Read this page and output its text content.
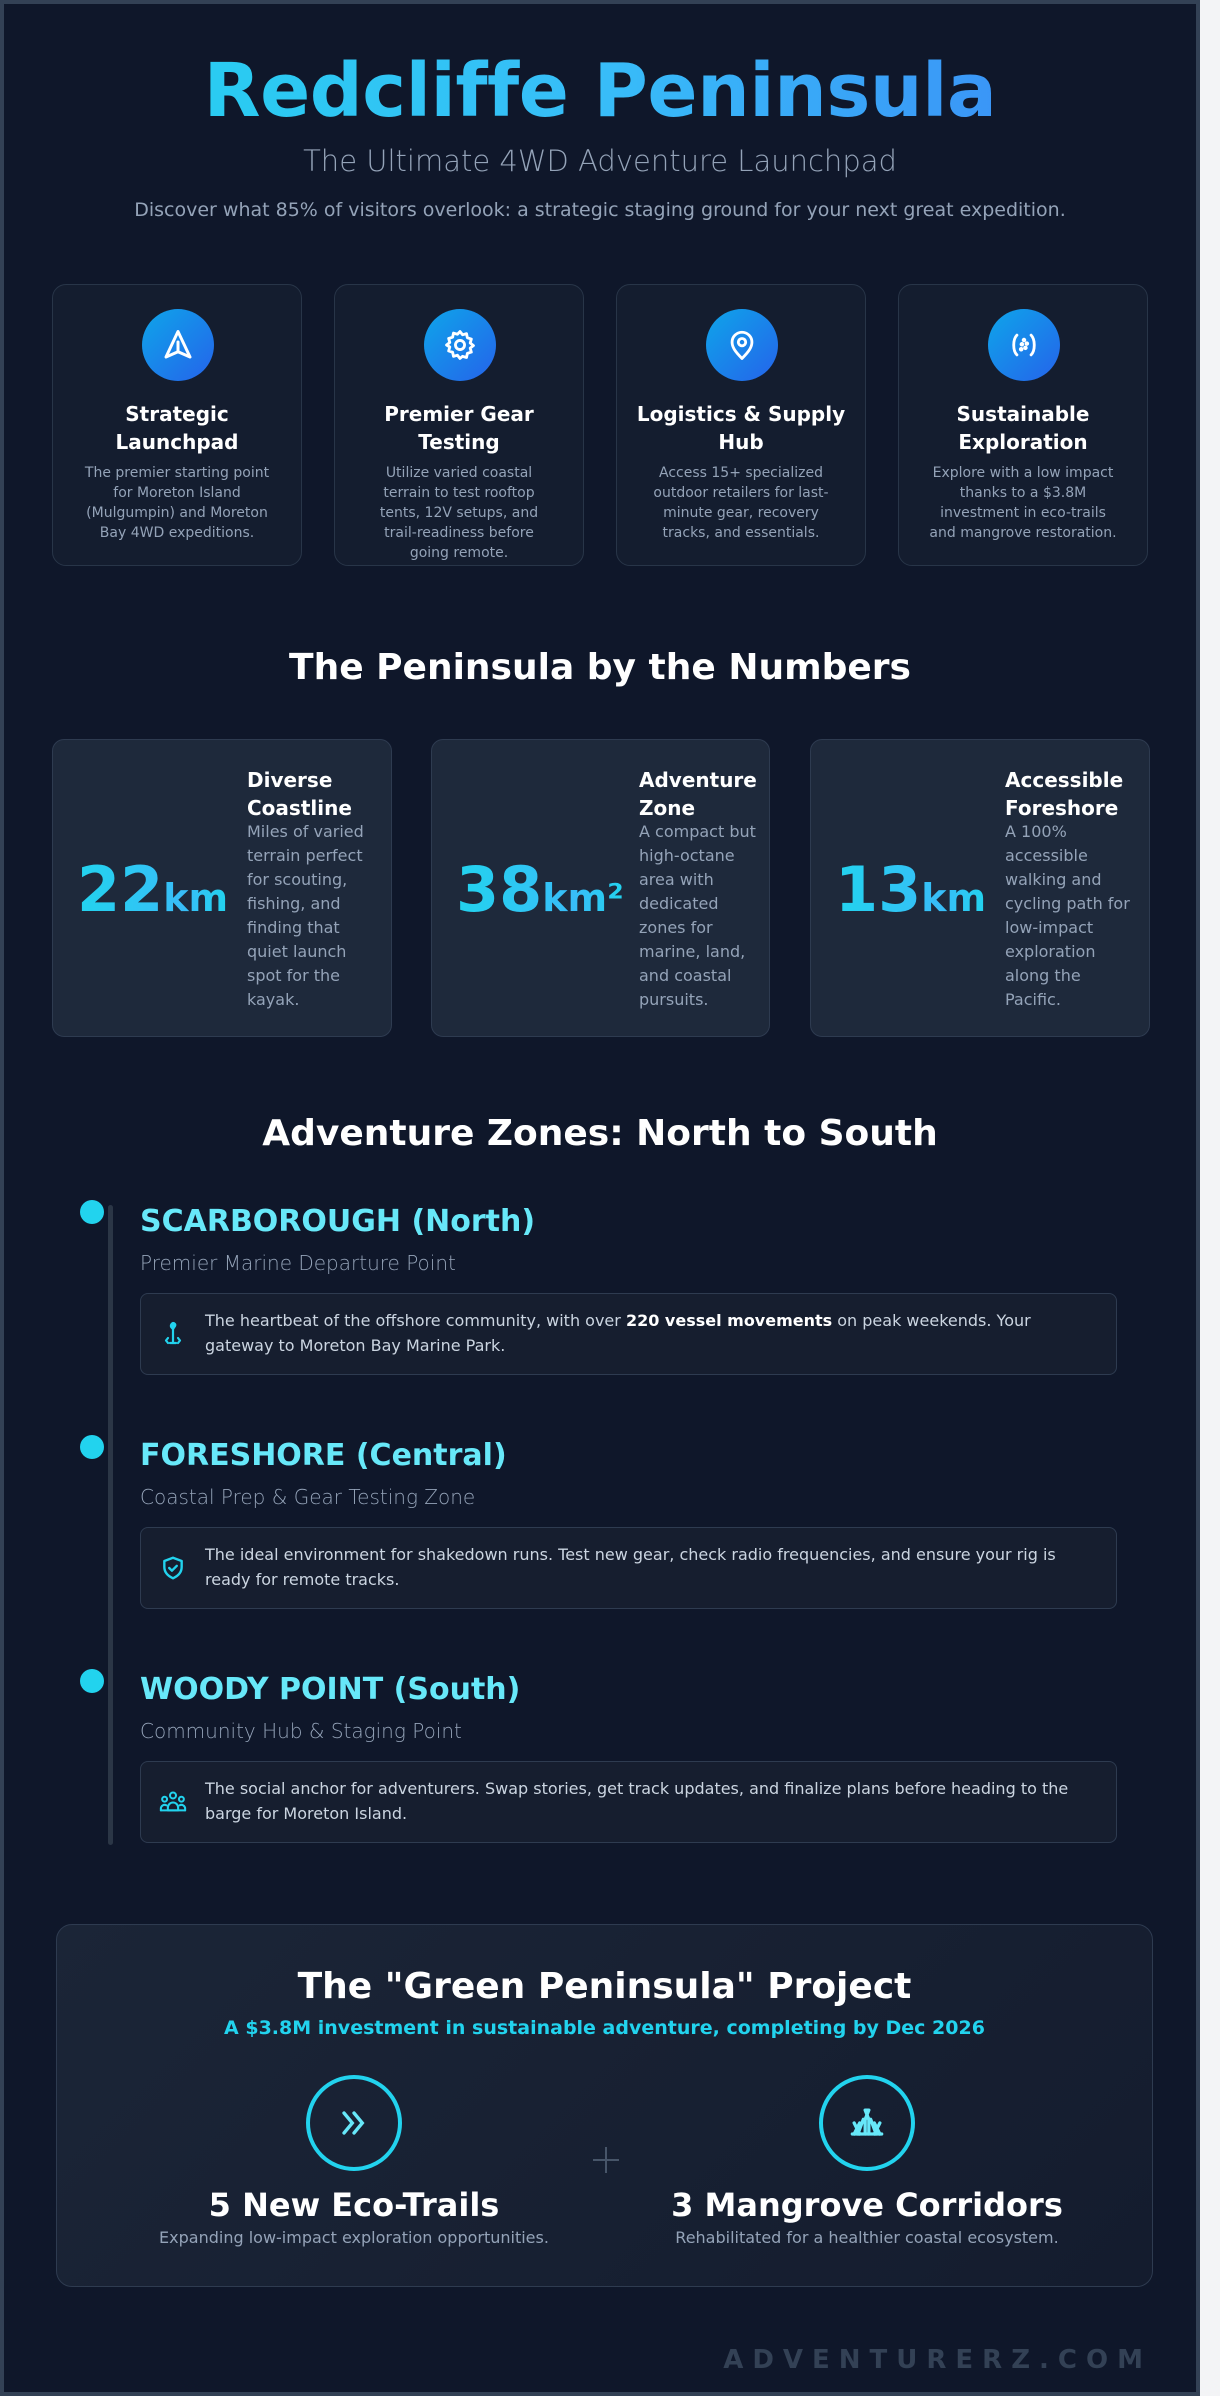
Redcliffe Peninsula
The Ultimate 4WD Adventure Launchpad
Discover what 85% of visitors overlook: a strategic staging ground for your next great expedition.
Strategic Launchpad
The premier starting point for Moreton Island (Mulgumpin) and Moreton Bay 4WD expeditions.
Premier Gear Testing
Utilize varied coastal terrain to test rooftop tents, 12V setups, and trail-readiness before going remote.
Logistics & Supply Hub
Access 15+ specialized outdoor retailers for last-minute gear, recovery tracks, and essentials.
Sustainable Exploration
Explore with a low impact thanks to a $3.8M investment in eco-trails and mangrove restoration.
The Peninsula by the Numbers
22km
Diverse Coastline
Miles of varied terrain perfect for scouting, fishing, and finding that quiet launch spot for the kayak.
38km²
Adventure Zone
A compact but high-octane area with dedicated zones for marine, land, and coastal pursuits.
13km
Accessible Foreshore
A 100% accessible walking and cycling path for low-impact exploration along the Pacific.
Adventure Zones: North to South
SCARBOROUGH (North)
Premier Marine Departure Point
The heartbeat of the offshore community, with over 220 vessel movements on peak weekends. Your gateway to Moreton Bay Marine Park.
FORESHORE (Central)
Coastal Prep & Gear Testing Zone
The ideal environment for shakedown runs. Test new gear, check radio frequencies, and ensure your rig is ready for remote tracks.
WOODY POINT (South)
Community Hub & Staging Point
The social anchor for adventurers. Swap stories, get track updates, and finalize plans before heading to the barge for Moreton Island.
The "Green Peninsula" Project
A $3.8M investment in sustainable adventure, completing by Dec 2026
5 New Eco-Trails
Expanding low-impact exploration opportunities.
3 Mangrove Corridors
Rehabilitated for a healthier coastal ecosystem.
ADVENTURERZ.COM
